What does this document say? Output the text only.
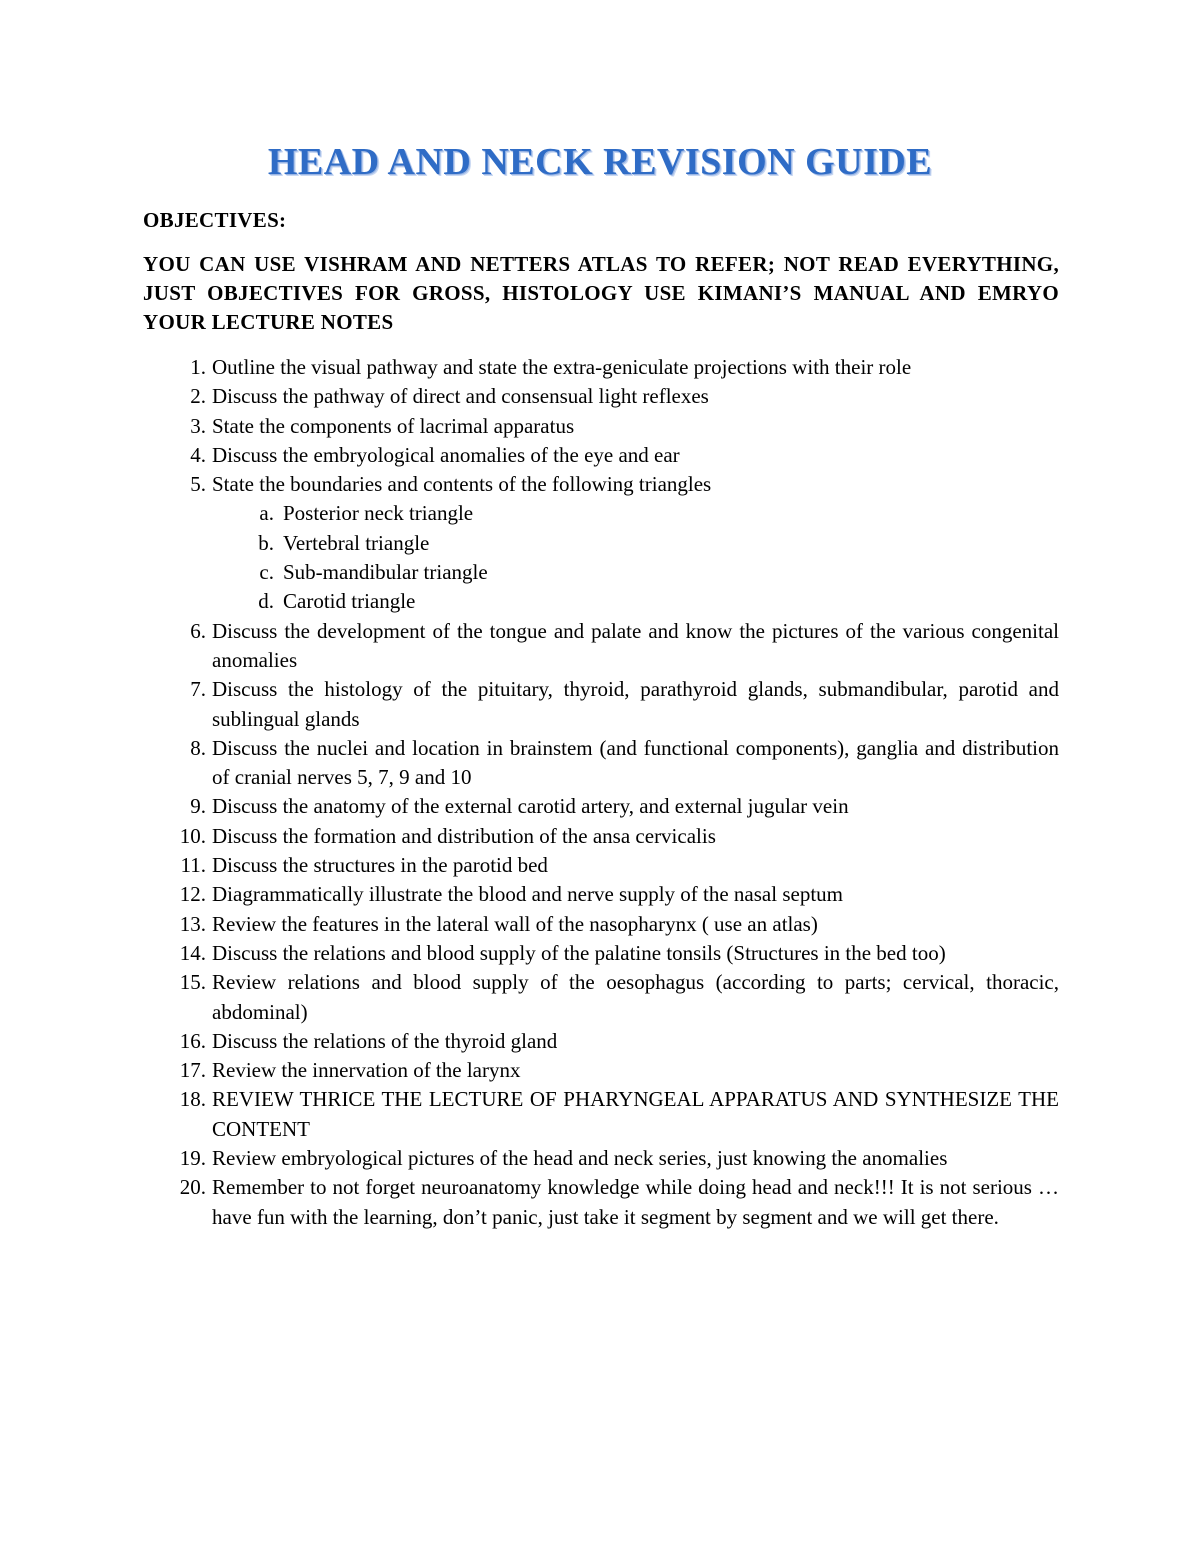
HEAD AND NECK REVISION GUIDE
OBJECTIVES:
YOU CAN USE VISHRAM AND NETTERS ATLAS TO REFER; NOT READ EVERYTHING, JUST OBJECTIVES FOR GROSS, HISTOLOGY USE KIMANI’S MANUAL AND EMRYO YOUR LECTURE NOTES
1. Outline the visual pathway and state the extra-geniculate projections with their role
2. Discuss the pathway of direct and consensual light reflexes
3. State the components of lacrimal apparatus
4. Discuss the embryological anomalies of the eye and ear
5. State the boundaries and contents of the following triangles
a. Posterior neck triangle
b. Vertebral triangle
c. Sub-mandibular triangle
d. Carotid triangle
6. Discuss the development of the tongue and palate and know the pictures of the various congenital anomalies
7. Discuss the histology of the pituitary, thyroid, parathyroid glands, submandibular, parotid and sublingual glands
8. Discuss the nuclei and location in brainstem (and functional components), ganglia and distribution of cranial nerves 5, 7, 9 and 10
9. Discuss the anatomy of the external carotid artery, and external jugular vein
10. Discuss the formation and distribution of the ansa cervicalis
11. Discuss the structures in the parotid bed
12. Diagrammatically illustrate the blood and nerve supply of the nasal septum
13. Review the features in the lateral wall of the nasopharynx ( use an atlas)
14. Discuss the relations and blood supply of the palatine tonsils (Structures in the bed too)
15. Review relations and blood supply of the oesophagus (according to parts; cervical, thoracic, abdominal)
16. Discuss the relations of the thyroid gland
17. Review the innervation of the larynx
18. REVIEW THRICE THE LECTURE OF PHARYNGEAL APPARATUS AND SYNTHESIZE THE CONTENT
19. Review embryological pictures of the head and neck series, just knowing the anomalies
20. Remember to not forget neuroanatomy knowledge while doing head and neck!!! It is not serious …have fun with the learning, don’t panic, just take it segment by segment and we will get there.
